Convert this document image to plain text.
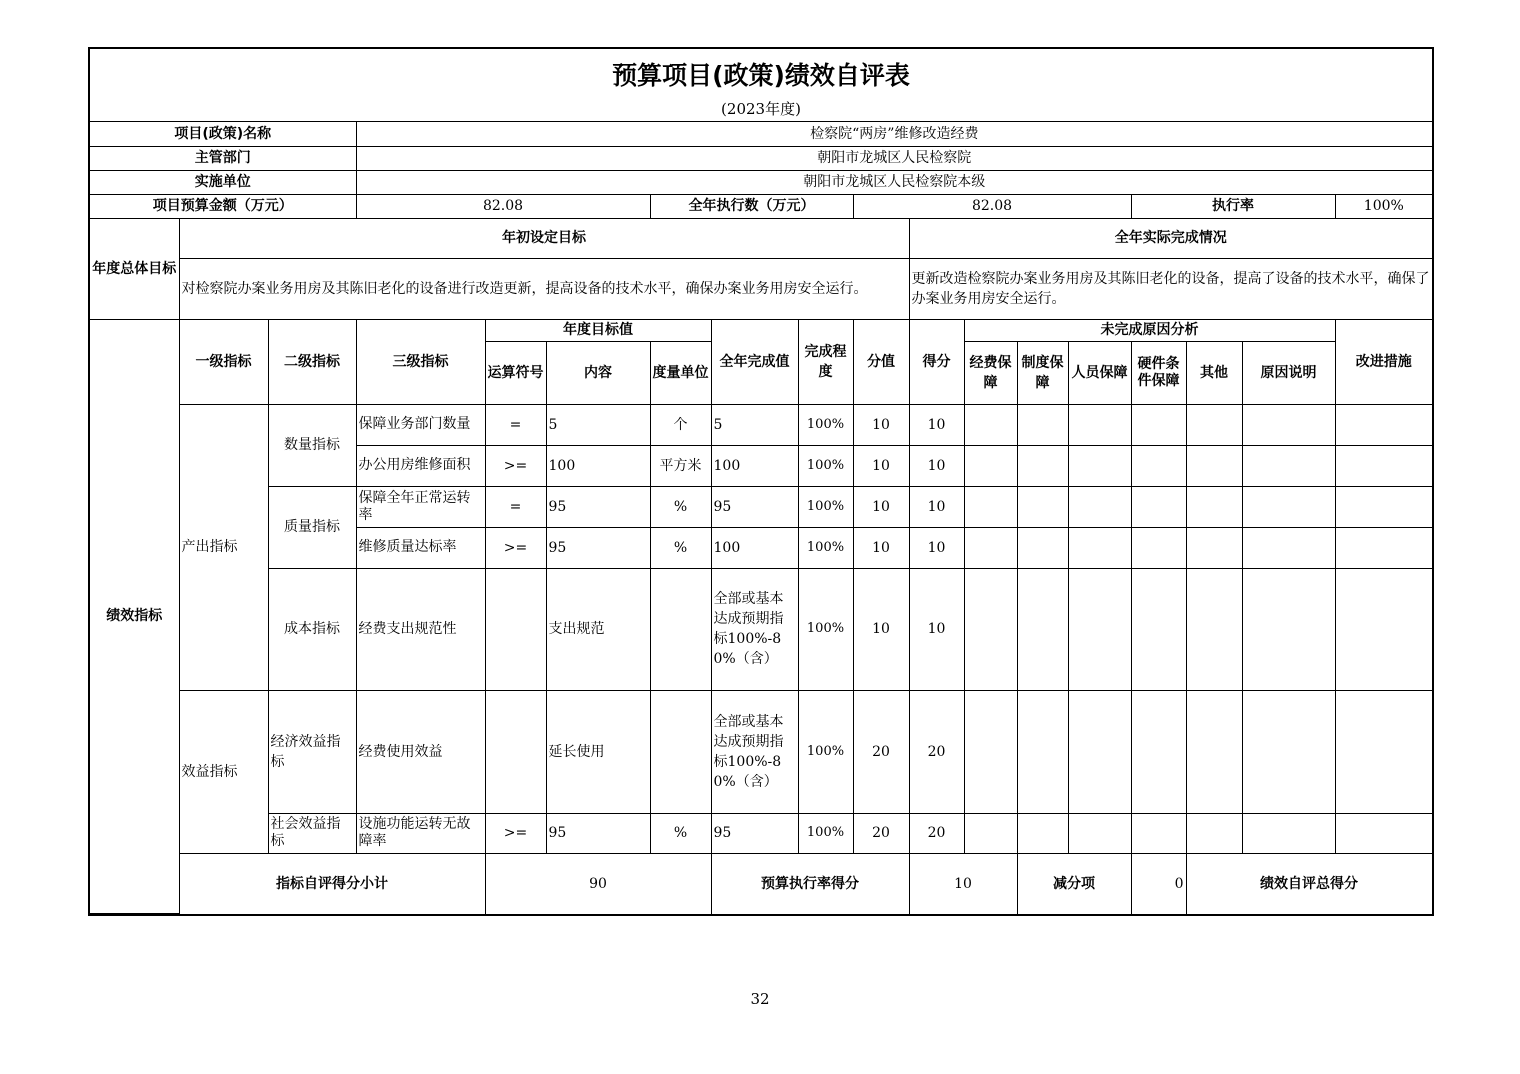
预算项目(政策)绩效自评表
(2023年度)
项目(政策)名称			检察院“两房”维修改造经费															
主管部门			朝阳市龙城区人民检察院															
实施单位			朝阳市龙城区人民检察院本级															
项目预算金额（万元）			82.08			全年执行数（万元）			82.08					执行率			100%	
年度总体目标	年初设定目标									全年实际完成情况								
	对检察院办案业务用房及其陈旧老化的设备进行改造更新，提高设备的技术水平，确保办案业务用房安全运行。									更新改造检察院办案业务用房及其陈旧老化的设备，提高了设备的技术水平，确保了办案业务用房安全运行。								
绩效指标	一级指标	二级指标	三级指标	年度目标值			全年完成值	完成程度	分值	得分	未完成原因分析						改进措施	
				运算符号	内容	度量单位					经费保障	制度保障	人员保障	硬件条件保障	其他	原因说明		
	产出指标	数量指标	保障业务部门数量	=	5	个	5	100%	10	10								
			办公用房维修面积	>=	100	平方米	100	100%	10	10								
		质量指标	保障全年正常运转率	=	95	%	95	100%	10	10								
			维修质量达标率	>=	95	%	100	100%	10	10								
		成本指标	经费支出规范性		支出规范		全部或基本达成预期指标100%-80%（含）	100%	10	10								
	效益指标	经济效益指标	经费使用效益		延长使用		全部或基本达成预期指标100%-80%（含）	100%	20	20								
		社会效益指标	设施功能运转无故障率	>=	95	%	95	100%	20	20								
	指标自评得分小计			90			预算执行率得分			10		减分项		0	绩效自评总得分	
32
